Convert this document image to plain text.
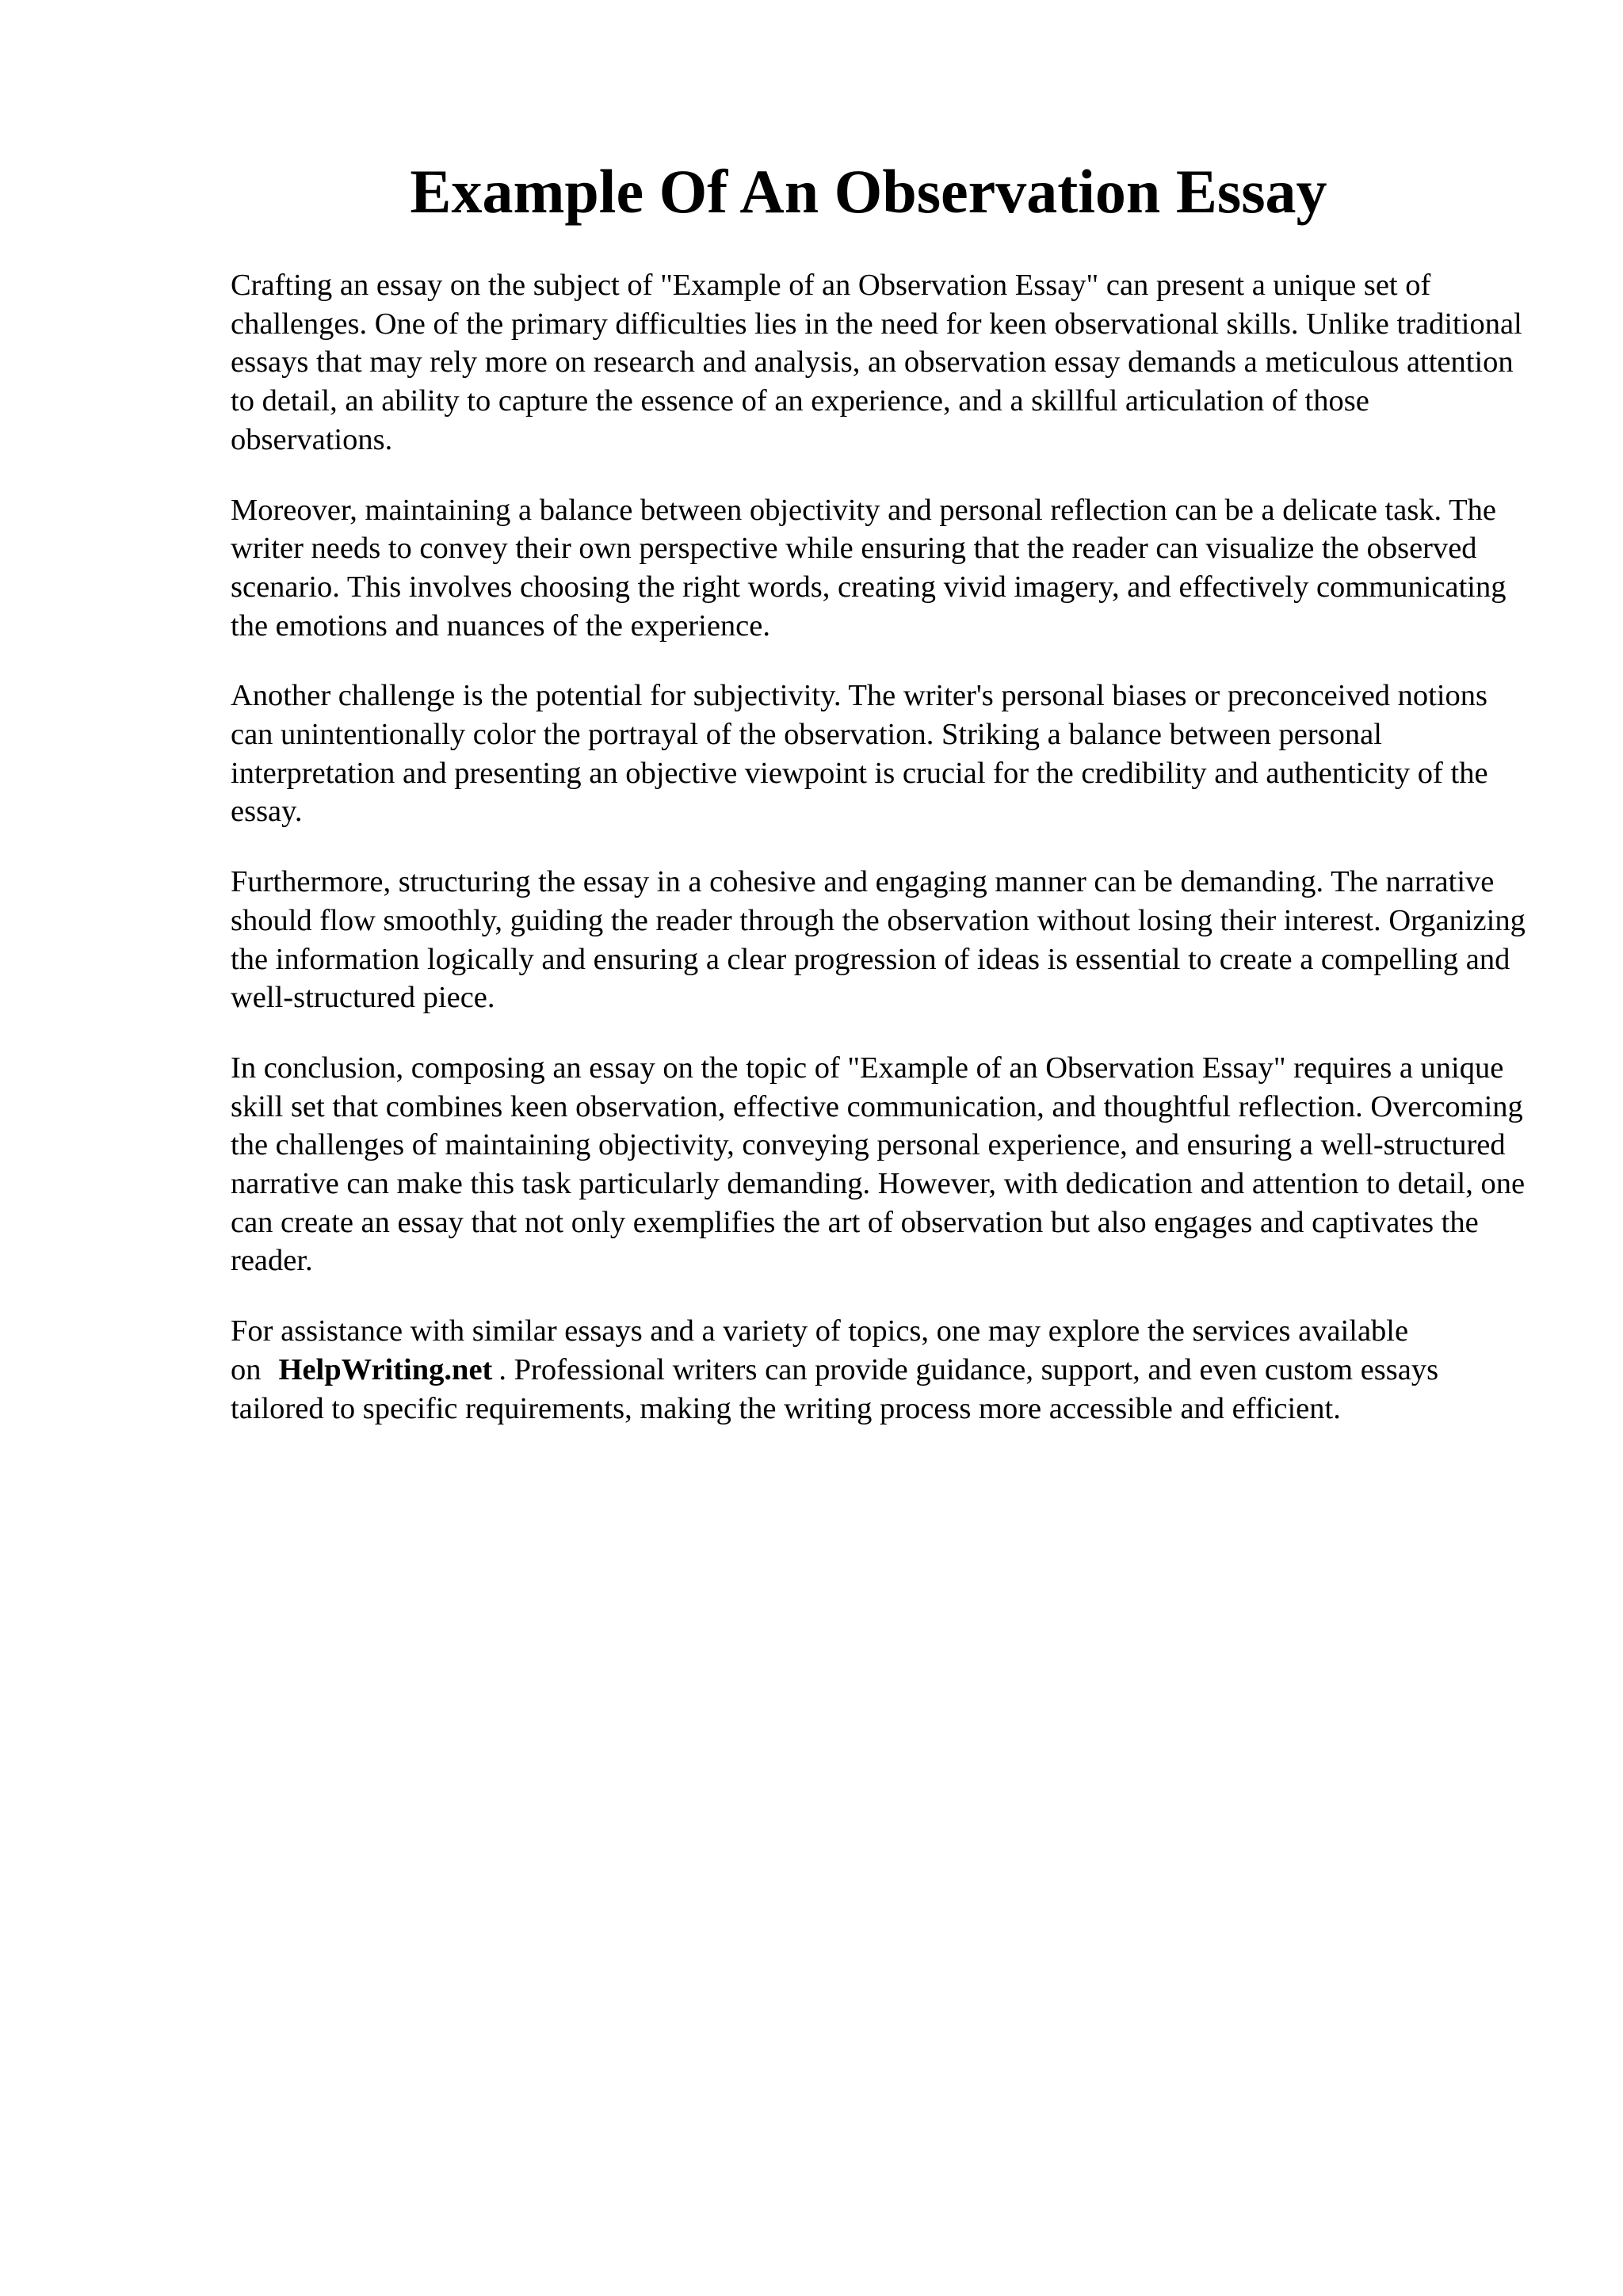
Example Of An Observation Essay

Crafting an essay on the subject of "Example of an Observation Essay" can present a unique set of challenges. One of the primary difficulties lies in the need for keen observational skills. Unlike traditional essays that may rely more on research and analysis, an observation essay demands a meticulous attention to detail, an ability to capture the essence of an experience, and a skillful articulation of those observations.

Moreover, maintaining a balance between objectivity and personal reflection can be a delicate task. The writer needs to convey their own perspective while ensuring that the reader can visualize the observed scenario. This involves choosing the right words, creating vivid imagery, and effectively communicating the emotions and nuances of the experience.

Another challenge is the potential for subjectivity. The writer's personal biases or preconceived notions can unintentionally color the portrayal of the observation. Striking a balance between personal interpretation and presenting an objective viewpoint is crucial for the credibility and authenticity of the essay.

Furthermore, structuring the essay in a cohesive and engaging manner can be demanding. The narrative should flow smoothly, guiding the reader through the observation without losing their interest. Organizing the information logically and ensuring a clear progression of ideas is essential to create a compelling and well-structured piece.

In conclusion, composing an essay on the topic of "Example of an Observation Essay" requires a unique skill set that combines keen observation, effective communication, and thoughtful reflection. Overcoming the challenges of maintaining objectivity, conveying personal experience, and ensuring a well-structured narrative can make this task particularly demanding. However, with dedication and attention to detail, one can create an essay that not only exemplifies the art of observation but also engages and captivates the reader.

For assistance with similar essays and a variety of topics, one may explore the services available on HelpWriting.net . Professional writers can provide guidance, support, and even custom essays tailored to specific requirements, making the writing process more accessible and efficient.
